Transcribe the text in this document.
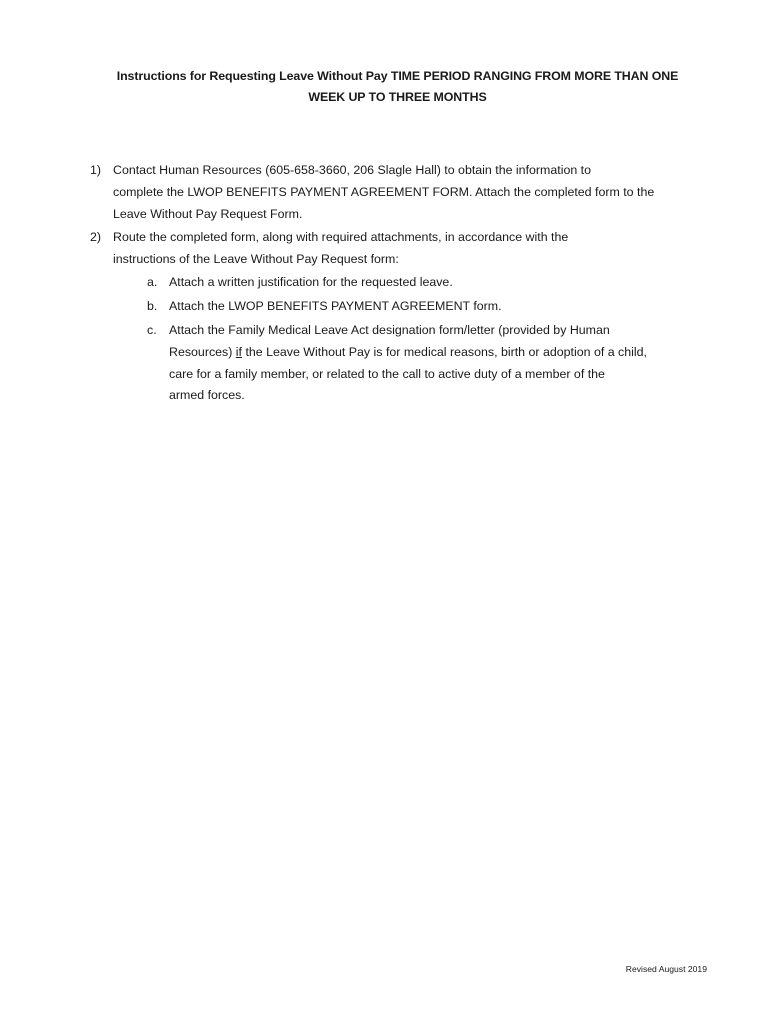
Instructions for Requesting Leave Without Pay TIME PERIOD RANGING FROM MORE THAN ONE
WEEK UP TO THREE MONTHS
1) Contact Human Resources (605-658-3660, 206 Slagle Hall) to obtain the information to
complete the LWOP BENEFITS PAYMENT AGREEMENT FORM. Attach the completed form to the
Leave Without Pay Request Form.
2) Route the completed form, along with required attachments, in accordance with the
instructions of the Leave Without Pay Request form:
a. Attach a written justification for the requested leave.
b. Attach the LWOP BENEFITS PAYMENT AGREEMENT form.
c. Attach the Family Medical Leave Act designation form/letter (provided by Human
Resources) if the Leave Without Pay is for medical reasons, birth or adoption of a child,
care for a family member, or related to the call to active duty of a member of the
armed forces.
Revised August 2019
